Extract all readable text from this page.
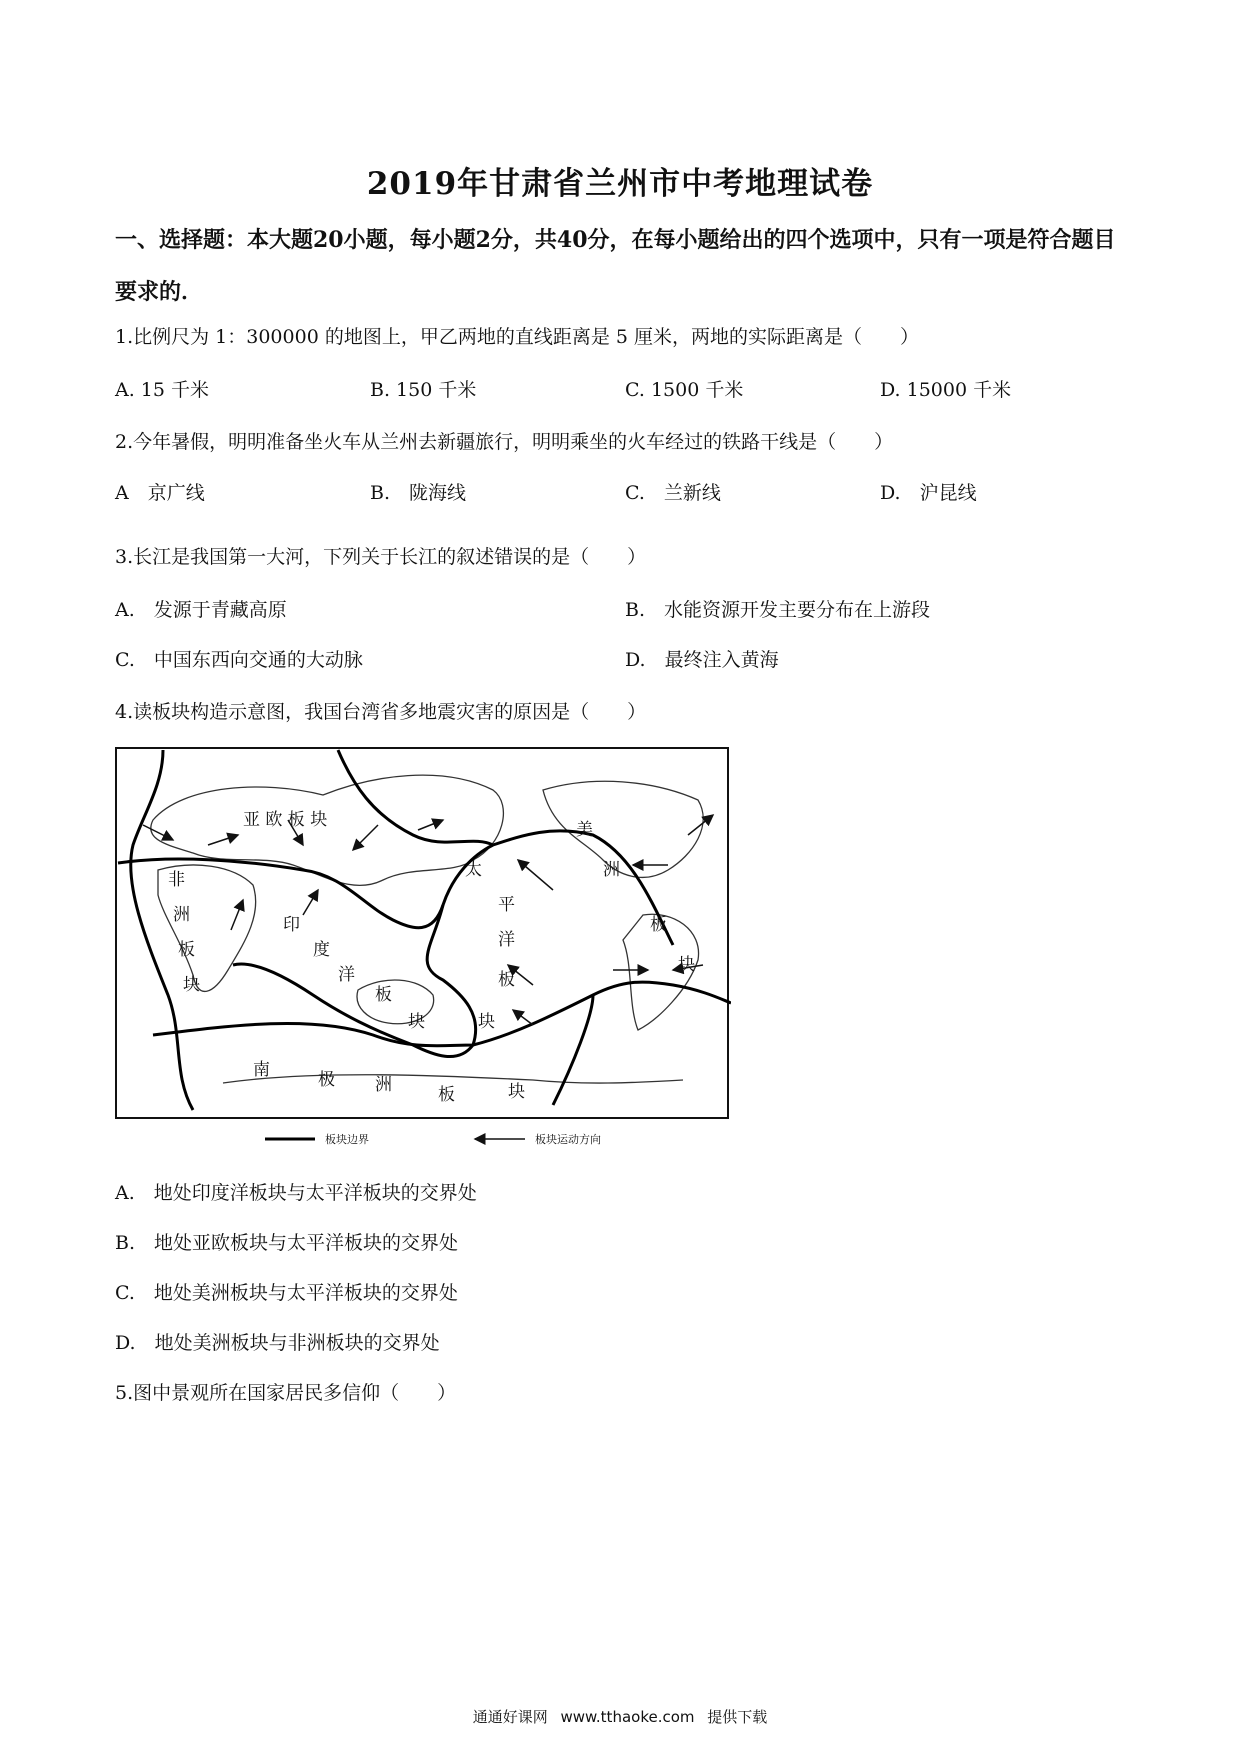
2019年甘肃省兰州市中考地理试卷
一、选择题：本大题20小题，每小题2分，共40分，在每小题给出的四个选项中，只有一项是符合题目要求的．
1.比例尺为 1：300000 的地图上，甲乙两地的直线距离是 5 厘米，两地的实际距离是（　　）
A. 15 千米	B. 150 千米	C. 1500 千米	D. 15000 千米
2.今年暑假，明明准备坐火车从兰州去新疆旅行，明明乘坐的火车经过的铁路干线是（　　）
A　京广线	B.　陇海线	C.　兰新线	D.　沪昆线
3.长江是我国第一大河，下列关于长江的叙述错误的是（　　）
A.　发源于青藏高原	B.　水能资源开发主要分布在上游段
C.　中国东西向交通的大动脉	D.　最终注入黄海
4.读板块构造示意图，我国台湾省多地震灾害的原因是（　　）
亚 欧 板 块
非
洲
板
块
印
度
洋
板
块
太
平
洋
板
块
美
洲
板
块
南	极 洲	板	块
板块边界	板块运动方向
A.　地处印度洋板块与太平洋板块的交界处
B.　地处亚欧板块与太平洋板块的交界处
C.　地处美洲板块与太平洋板块的交界处
D.　地处美洲板块与非洲板块的交界处
5.图中景观所在国家居民多信仰（　　）
通通好课网 www.tthaoke.com 提供下载
